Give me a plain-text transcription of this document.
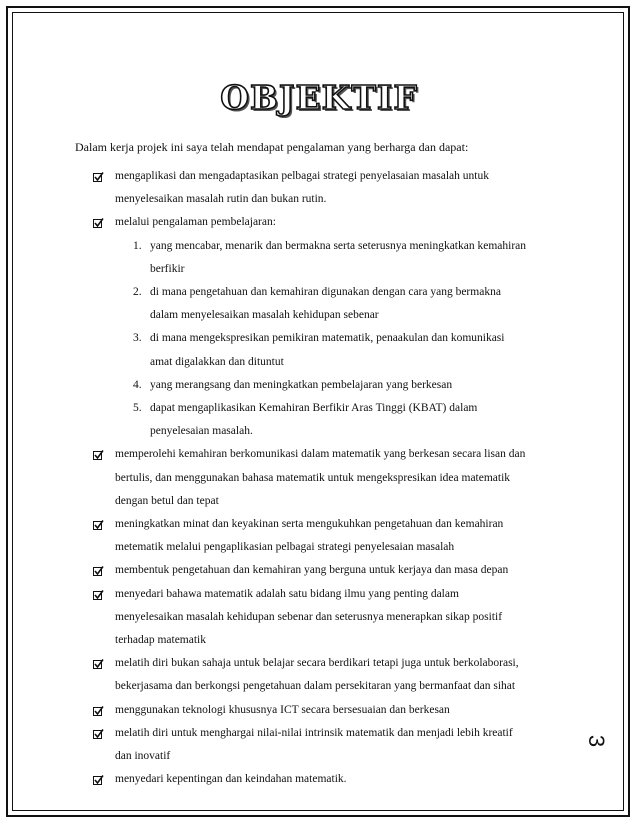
OBJEKTIF
Dalam kerja projek ini saya telah mendapat pengalaman yang berharga dan dapat:
mengaplikasi dan mengadaptasikan pelbagai strategi penyelasaian masalah untuk
menyelesaikan masalah rutin dan bukan rutin.
melalui pengalaman pembelajaran:
1. yang mencabar, menarik dan bermakna serta seterusnya meningkatkan kemahiran
berfikir
2. di mana pengetahuan dan kemahiran digunakan dengan cara yang bermakna
dalam menyelesaikan masalah kehidupan sebenar
3. di mana mengekspresikan pemikiran matematik, penaakulan dan komunikasi
amat digalakkan dan dituntut
4. yang merangsang dan meningkatkan pembelajaran yang berkesan
5. dapat mengaplikasikan Kemahiran Berfikir Aras Tinggi (KBAT) dalam
penyelesaian masalah.
memperolehi kemahiran berkomunikasi dalam matematik yang berkesan secara lisan dan
bertulis, dan menggunakan bahasa matematik untuk mengekspresikan idea matematik
dengan betul dan tepat
meningkatkan minat dan keyakinan serta mengukuhkan pengetahuan dan kemahiran
metematik melalui pengaplikasian pelbagai strategi penyelesaian masalah
membentuk pengetahuan dan kemahiran yang berguna untuk kerjaya dan masa depan
menyedari bahawa matematik adalah satu bidang ilmu yang penting dalam
menyelesaikan masalah kehidupan sebenar dan seterusnya menerapkan sikap positif
terhadap matematik
melatih diri bukan sahaja untuk belajar secara berdikari tetapi juga untuk berkolaborasi,
bekerjasama dan berkongsi pengetahuan dalam persekitaran yang bermanfaat dan sihat
menggunakan teknologi khususnya ICT secara bersesuaian dan berkesan
melatih diri untuk menghargai nilai-nilai intrinsik matematik dan menjadi lebih kreatif
dan inovatif
menyedari kepentingan dan keindahan matematik.
3
